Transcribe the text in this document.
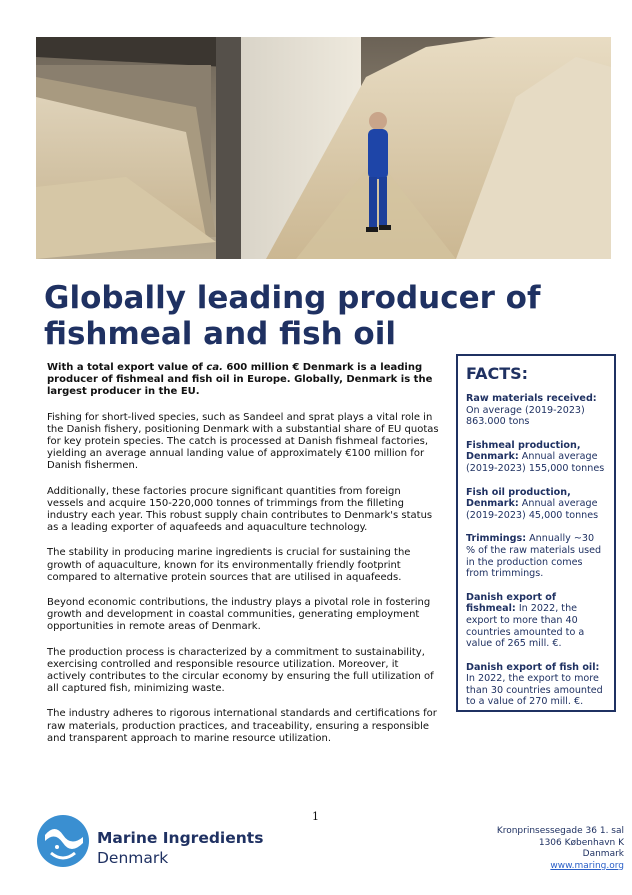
Globally leading producer of fishmeal and fish oil

With a total export value of ca. 600 million € Denmark is a leading producer of fishmeal and fish oil in Europe. Globally, Denmark is the largest producer in the EU.

Fishing for short-lived species, such as Sandeel and sprat plays a vital role in the Danish fishery, positioning Denmark with a substantial share of EU quotas for key protein species. The catch is processed at Danish fishmeal factories, yielding an average annual landing value of approximately €100 million for Danish fishermen.

Additionally, these factories procure significant quantities from foreign vessels and acquire 150-220,000 tonnes of trimmings from the filleting industry each year. This robust supply chain contributes to Denmark's status as a leading exporter of aquafeeds and aquaculture technology.

The stability in producing marine ingredients is crucial for sustaining the growth of aquaculture, known for its environmentally friendly footprint compared to alternative protein sources that are utilised in aquafeeds.

Beyond economic contributions, the industry plays a pivotal role in fostering growth and development in coastal communities, generating employment opportunities in remote areas of Denmark.

The production process is characterized by a commitment to sustainability, exercising controlled and responsible resource utilization. Moreover, it actively contributes to the circular economy by ensuring the full utilization of all captured fish, minimizing waste.

The industry adheres to rigorous international standards and certifications for raw materials, production practices, and traceability, ensuring a responsible and transparent approach to marine resource utilization.

FACTS:
Raw materials received: On average (2019-2023) 863.000 tons
Fishmeal production, Denmark: Annual average (2019-2023) 155,000 tonnes
Fish oil production, Denmark: Annual average (2019-2023) 45,000 tonnes
Trimmings: Annually ~30 % of the raw materials used in the production comes from trimmings.
Danish export of fishmeal: In 2022, the export to more than 40 countries amounted to a value of 265 mill. €.
Danish export of fish oil: In 2022, the export to more than 30 countries amounted to a value of 270 mill. €.
1
Marine Ingredients
Denmark
Kronprinsessegade 36 1. sal
1306 København K
Danmark
www.maring.org
